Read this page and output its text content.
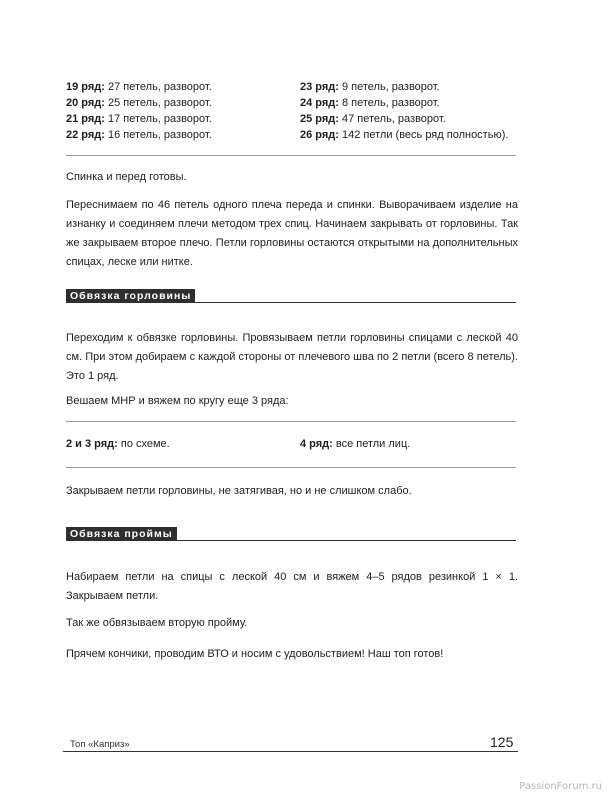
19 ряд: 27 петель, разворот.	23 ряд: 9 петель, разворот.
20 ряд: 25 петель, разворот.	24 ряд: 8 петель, разворот.
21 ряд: 17 петель, разворот.	25 ряд: 47 петель, разворот.
22 ряд: 16 петель, разворот.	26 ряд: 142 петли (весь ряд полностью).
Спинка и перед готовы.
Переснимаем по 46 петель одного плеча переда и спинки. Выворачиваем изделие на изнанку и соединяем плечи методом трех спиц. Начинаем закрывать от горловины. Так же закрываем второе плечо. Петли горловины остаются открытыми на дополнительных спицах, леске или нитке.
Обвязка горловины
Переходим к обвязке горловины. Провязываем петли горловины спицами с леской 40 см. При этом добираем с каждой стороны от плечевого шва по 2 петли (всего 8 петель). Это 1 ряд.
Вешаем МНР и вяжем по кругу еще 3 ряда:
2 и 3 ряд: по схеме.	4 ряд: все петли лиц.
Закрываем петли горловины, не затягивая, но и не слишком слабо.
Обвязка проймы
Набираем петли на спицы с леской 40 см и вяжем 4–5 рядов резинкой 1 × 1. Закрываем петли.
Так же обвязываем вторую пройму.
Прячем кончики, проводим ВТО и носим с удовольствием! Наш топ готов!
Топ «Каприз»	125
PassionForum.ru
